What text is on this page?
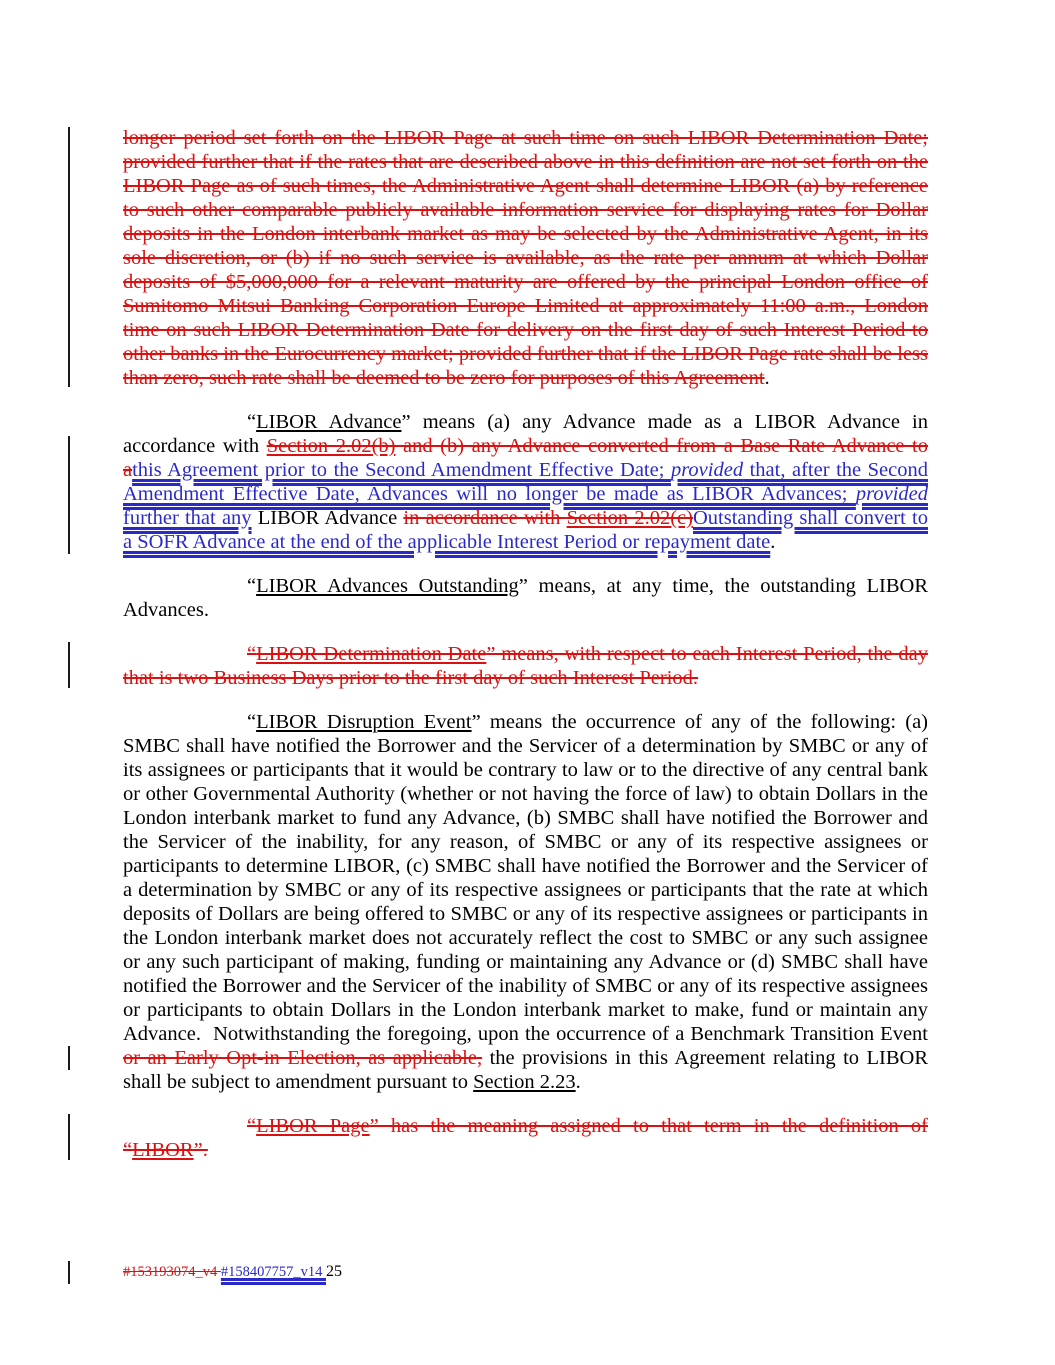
longer period set forth on the LIBOR Page at such time on such LIBOR Determination Date; provided further that if the rates that are described above in this definition are not set forth on the LIBOR Page as of such times, the Administrative Agent shall determine LIBOR (a) by reference to such other comparable publicly available information service for displaying rates for Dollar deposits in the London interbank market as may be selected by the Administrative Agent, in its sole discretion, or (b) if no such service is available, as the rate per annum at which Dollar deposits of $5,000,000 for a relevant maturity are offered by the principal London office of Sumitomo Mitsui Banking Corporation Europe Limited at approximately 11:00 a.m., London time on such LIBOR Determination Date for delivery on the first day of such Interest Period to other banks in the Eurocurrency market; provided further that if the LIBOR Page rate shall be less than zero, such rate shall be deemed to be zero for purposes of this Agreement.

“LIBOR Advance” means (a) any Advance made as a LIBOR Advance in accordance with Section 2.02(b) and (b) any Advance converted from a Base Rate Advance to athis Agreement prior to the Second Amendment Effective Date; provided that, after the Second Amendment Effective Date, Advances will no longer be made as LIBOR Advances; provided further that any LIBOR Advance in accordance with Section 2.02(c)Outstanding shall convert to a SOFR Advance at the end of the applicable Interest Period or repayment date.

“LIBOR Advances Outstanding” means, at any time, the outstanding LIBOR Advances.

“LIBOR Determination Date” means, with respect to each Interest Period, the day that is two Business Days prior to the first day of such Interest Period.

“LIBOR Disruption Event” means the occurrence of any of the following: (a) SMBC shall have notified the Borrower and the Servicer of a determination by SMBC or any of its assignees or participants that it would be contrary to law or to the directive of any central bank or other Governmental Authority (whether or not having the force of law) to obtain Dollars in the London interbank market to fund any Advance, (b) SMBC shall have notified the Borrower and the Servicer of the inability, for any reason, of SMBC or any of its respective assignees or participants to determine LIBOR, (c) SMBC shall have notified the Borrower and the Servicer of a determination by SMBC or any of its respective assignees or participants that the rate at which deposits of Dollars are being offered to SMBC or any of its respective assignees or participants in the London interbank market does not accurately reflect the cost to SMBC or any such assignee or any such participant of making, funding or maintaining any Advance or (d) SMBC shall have notified the Borrower and the Servicer of the inability of SMBC or any of its respective assignees or participants to obtain Dollars in the London interbank market to make, fund or maintain any Advance.  Notwithstanding the foregoing, upon the occurrence of a Benchmark Transition Event or an Early Opt-in Election, as applicable, the provisions in this Agreement relating to LIBOR shall be subject to amendment pursuant to Section 2.23.

“LIBOR Page” has the meaning assigned to that term in the definition of “LIBOR”.

#153193074_v4 #158407757_v14 25
